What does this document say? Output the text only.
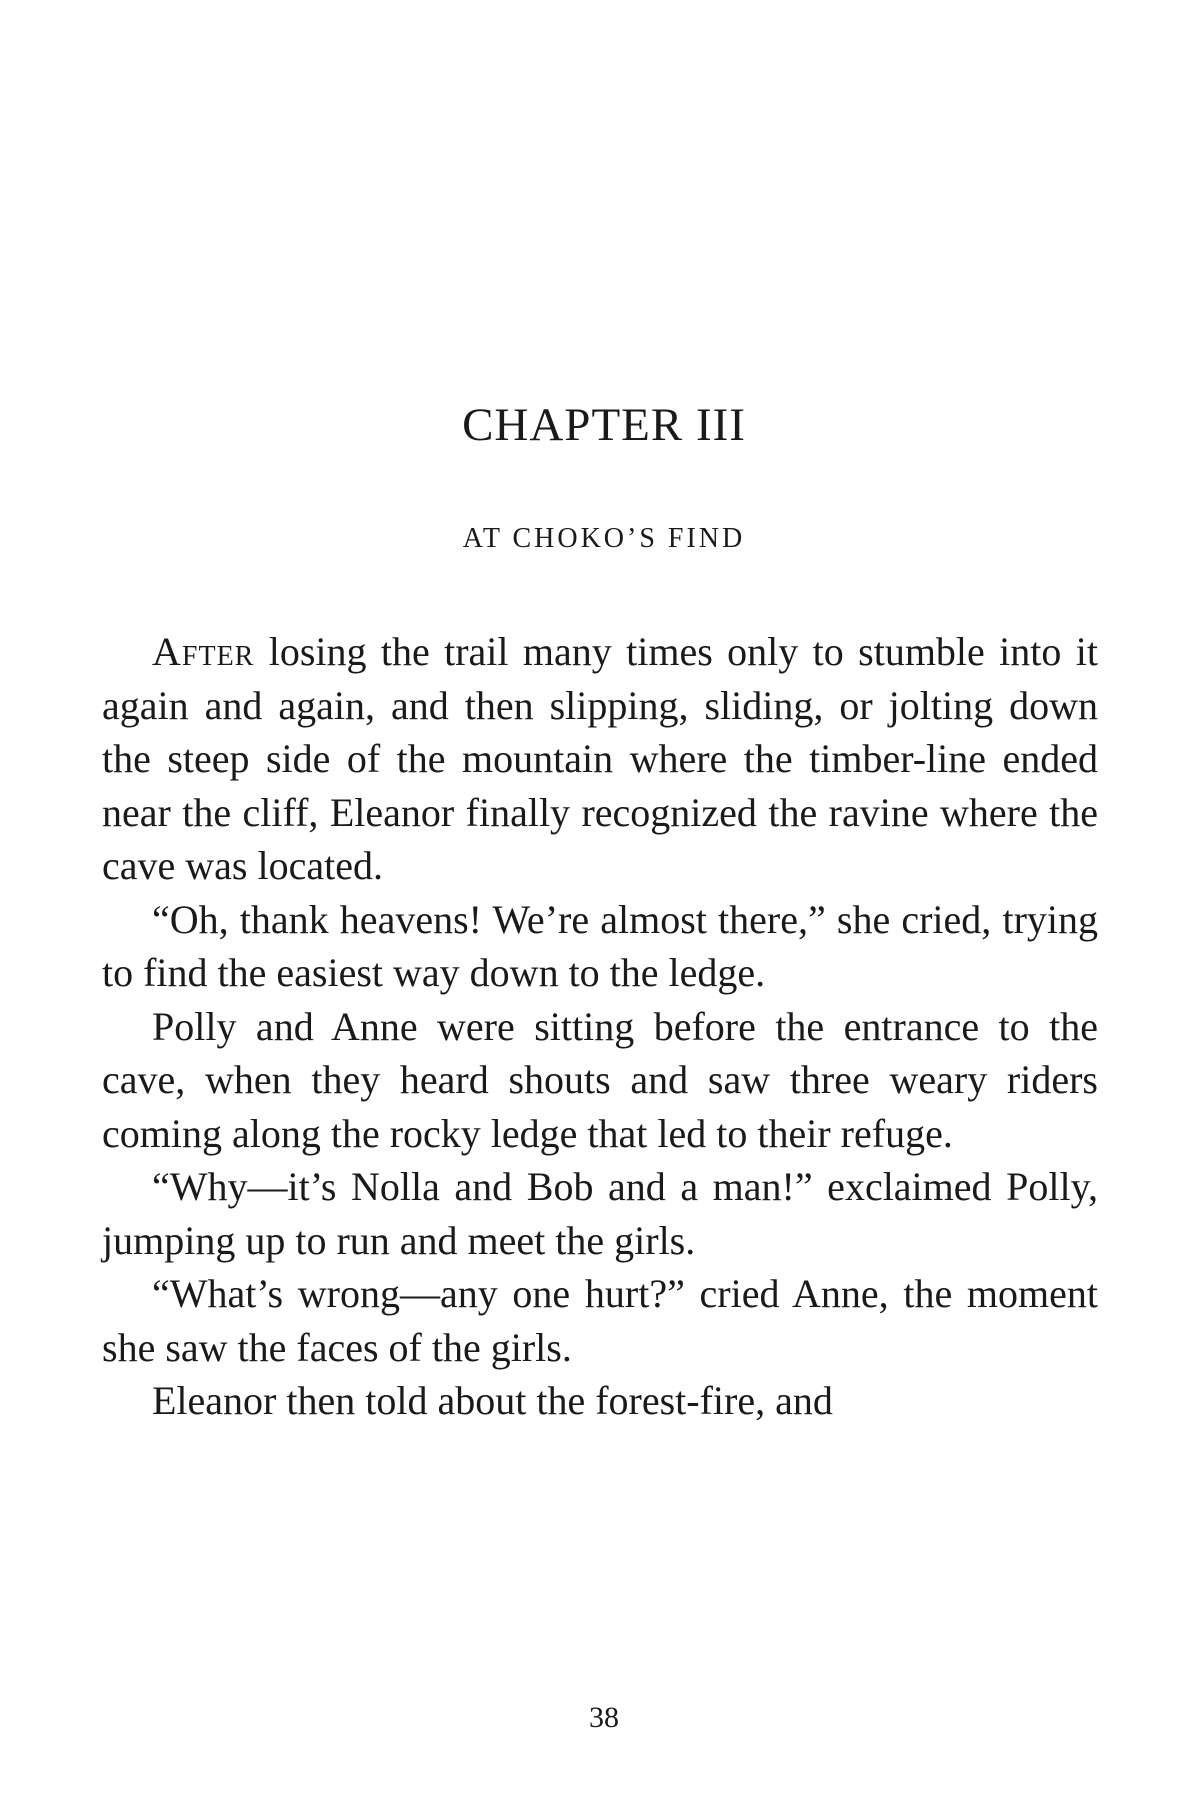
CHAPTER III
AT CHOKO’S FIND

After losing the trail many times only to stumble into it again and again, and then slipping, sliding, or jolting down the steep side of the mountain where the timber-line ended near the cliff, Eleanor finally recognized the ravine where the cave was located.

“Oh, thank heavens! We’re almost there,” she cried, trying to find the easiest way down to the ledge.

Polly and Anne were sitting before the entrance to the cave, when they heard shouts and saw three weary riders coming along the rocky ledge that led to their refuge.

“Why—it’s Nolla and Bob and a man!” exclaimed Polly, jumping up to run and meet the girls.

“What’s wrong—any one hurt?” cried Anne, the moment she saw the faces of the girls.

Eleanor then told about the forest-fire, and

38
